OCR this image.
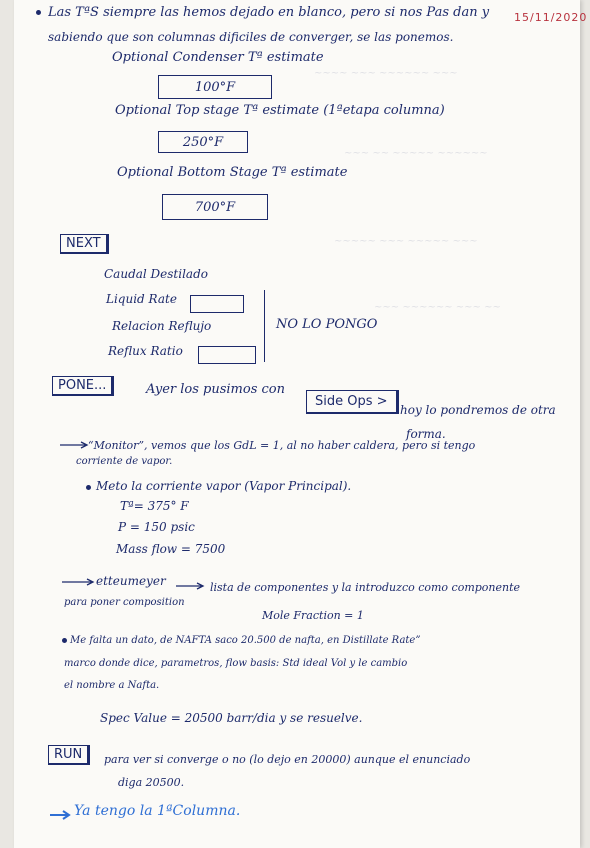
~~~~ ~~~ ~~~~~~ ~~~
~~~ ~~ ~~~~~ ~~~~~~
~~~~~ ~~~ ~~~~~ ~~~
~~~ ~~~~~~ ~~~ ~~
Las TªS siempre las hemos dejado en blanco, pero si nos Pas dan y	15/11/2020
sabiendo que son columnas dificiles de converger, se las ponemos.
Optional Condenser Tª estimate
100°F
Optional Top stage Tª estimate (1ªetapa columna)
250°F
Optional Bottom Stage Tª estimate
700°F
NEXT
Caudal Destilado
Liquid Rate
Relacion Reflujo
Reflux Ratio
NO LO PONGO
PONE...	Ayer los pusimos con
Side Ops >
hoy lo pondremos de otra
forma.
“Monitor”, vemos que los GdL = 1, al no haber caldera, pero si tengo
corriente de vapor.
Meto la corriente vapor (Vapor Principal).
Tª= 375° F
P = 150 psic
Mass flow = 7500
etteumeyer	lista de componentes y la introduzco como componente
para poner composition
Mole Fraction = 1
Me falta un dato, de NAFTA saco 20.500 de nafta, en Distillate Rate”
marco donde dice, parametros, flow basis: Std ideal Vol y le cambio
el nombre a Nafta.
Spec Value = 20500 barr/dia y se resuelve.
RUN	para ver si converge o no (lo dejo en 20000) aunque el enunciado
diga 20500.
Ya tengo la 1ªColumna.
